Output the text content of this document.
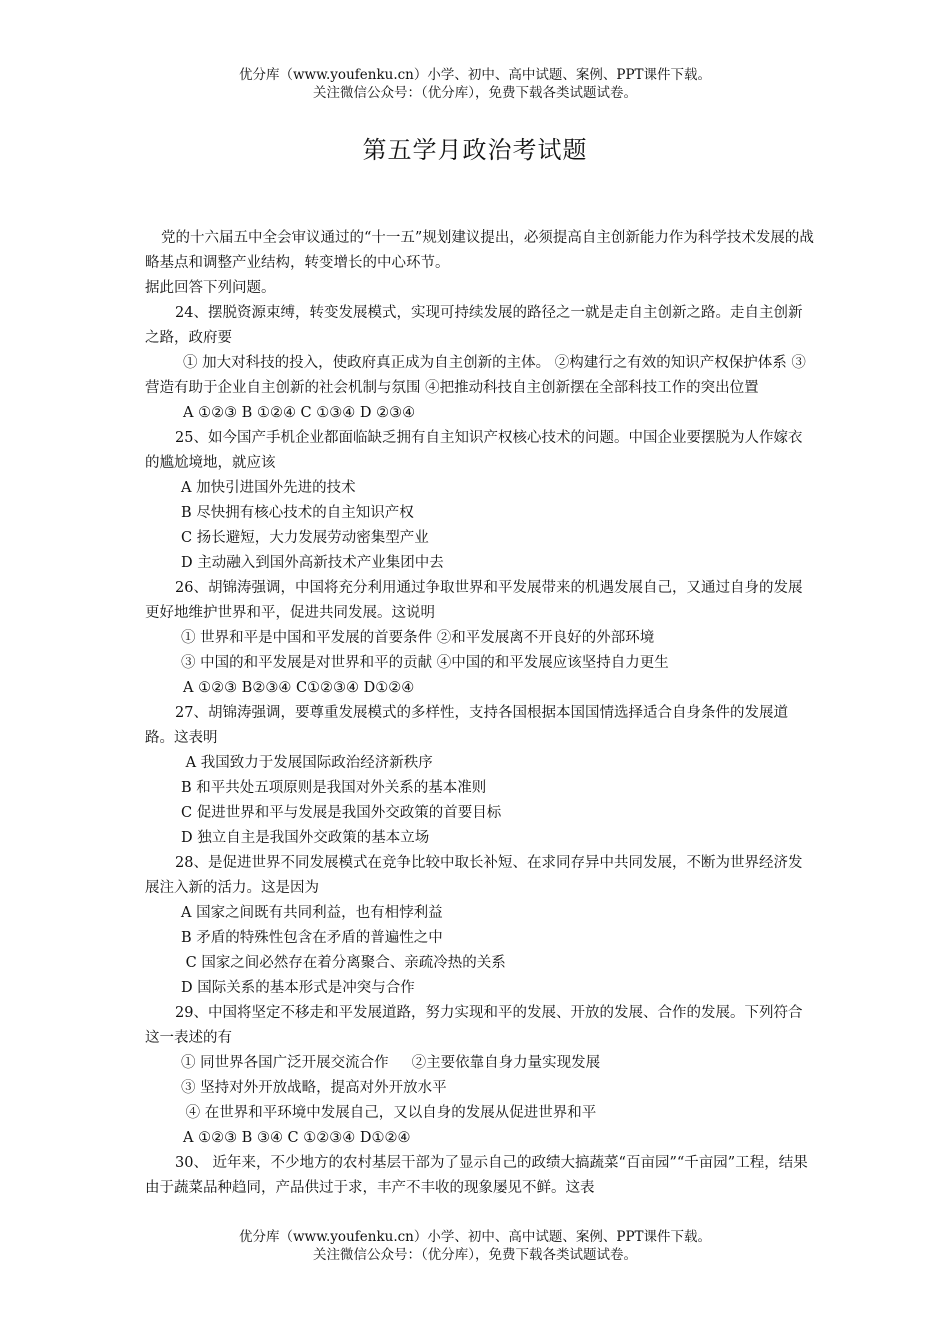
优分库（www.youfenku.cn）小学、初中、高中试题、案例、PPT课件下载。
关注微信公众号：（优分库），免费下载各类试题试卷。
第五学月政治考试题

党的十六届五中全会审议通过的“十一五”规划建议提出，必须提高自主创新能力作为科学技术发展的战略基点和调整产业结构，转变增长的中心环节。

据此回答下列问题。

24、摆脱资源束缚，转变发展模式，实现可持续发展的路径之一就是走自主创新之路。走自主创新之路，政府要

① 加大对科技的投入，使政府真正成为自主创新的主体。 ②构建行之有效的知识产权保护体系 ③营造有助于企业自主创新的社会机制与氛围 ④把推动科技自主创新摆在全部科技工作的突出位置

A ①②③ B ①②④ C ①③④ D ②③④

25、如今国产手机企业都面临缺乏拥有自主知识产权核心技术的问题。中国企业要摆脱为人作嫁衣的尴尬境地，就应该

A 加快引进国外先进的技术

B 尽快拥有核心技术的自主知识产权

C 扬长避短，大力发展劳动密集型产业

D 主动融入到国外高新技术产业集团中去

26、胡锦涛强调，中国将充分利用通过争取世界和平发展带来的机遇发展自己，又通过自身的发展更好地维护世界和平，促进共同发展。这说明

① 世界和平是中国和平发展的首要条件 ②和平发展离不开良好的外部环境

③ 中国的和平发展是对世界和平的贡献 ④中国的和平发展应该坚持自力更生

A ①②③ B②③④ C①②③④ D①②④

27、胡锦涛强调，要尊重发展模式的多样性，支持各国根据本国国情选择适合自身条件的发展道路。这表明

A 我国致力于发展国际政治经济新秩序

B 和平共处五项原则是我国对外关系的基本准则

C 促进世界和平与发展是我国外交政策的首要目标

D 独立自主是我国外交政策的基本立场

28、是促进世界不同发展模式在竞争比较中取长补短、在求同存异中共同发展，不断为世界经济发展注入新的活力。这是因为

A 国家之间既有共同利益，也有相悖利益

B 矛盾的特殊性包含在矛盾的普遍性之中

C 国家之间必然存在着分离聚合、亲疏冷热的关系

D 国际关系的基本形式是冲突与合作

29、中国将坚定不移走和平发展道路，努力实现和平的发展、开放的发展、合作的发展。下列符合这一表述的有

① 同世界各国广泛开展交流合作     ②主要依靠自身力量实现发展

③ 坚持对外开放战略，提高对外开放水平

④ 在世界和平环境中发展自己，又以自身的发展从促进世界和平

A ①②③ B ③④ C ①②③④ D①②④

30、 近年来，不少地方的农村基层干部为了显示自己的政绩大搞蔬菜“百亩园”“千亩园”工程，结果由于蔬菜品种趋同，产品供过于求，丰产不丰收的现象屡见不鲜。这表

优分库（www.youfenku.cn）小学、初中、高中试题、案例、PPT课件下载。
关注微信公众号：（优分库），免费下载各类试题试卷。
